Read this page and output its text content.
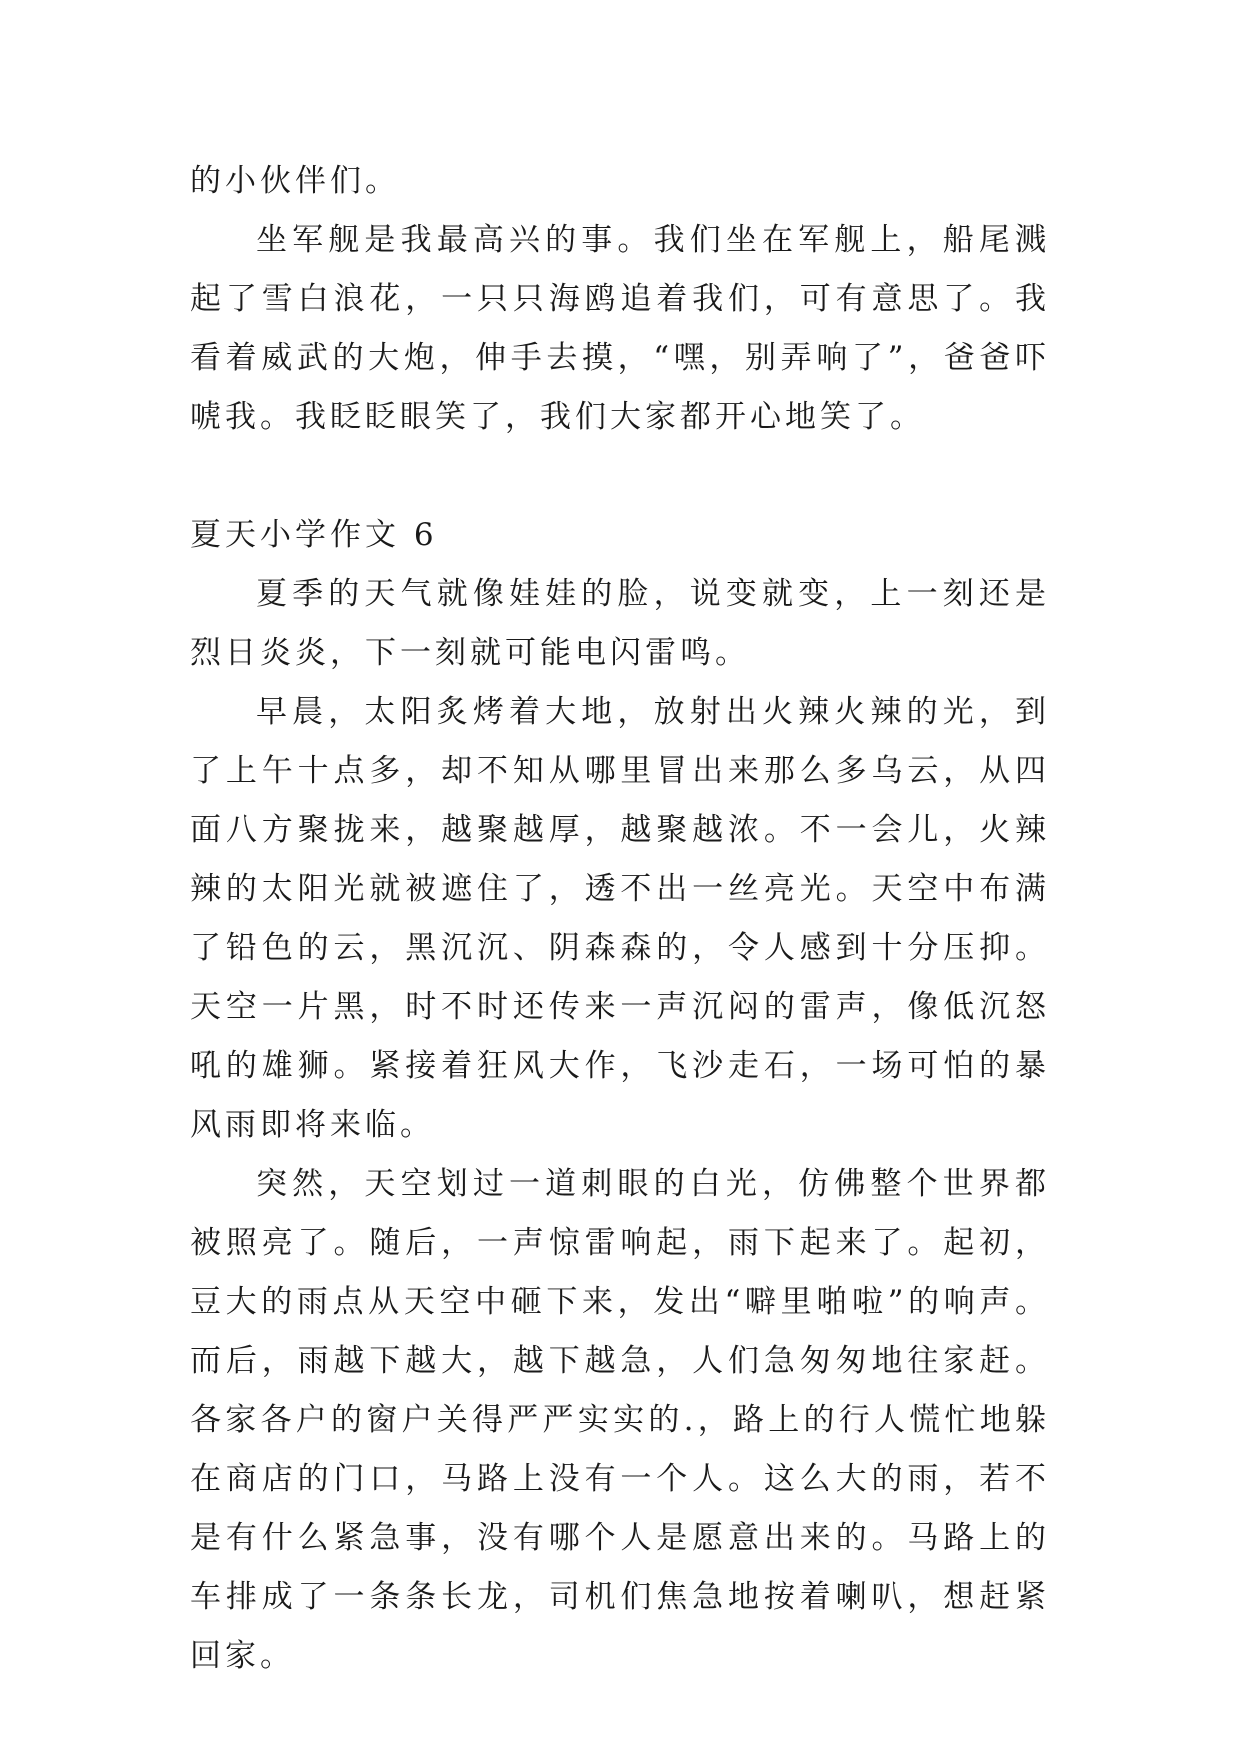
的小伙伴们。

坐军舰是我最高兴的事。我们坐在军舰上，船尾溅起了雪白浪花，一只只海鸥追着我们，可有意思了。我看着威武的大炮，伸手去摸，“嘿，别弄响了”，爸爸吓唬我。我眨眨眼笑了，我们大家都开心地笑了。

夏天小学作文 6

夏季的天气就像娃娃的脸，说变就变，上一刻还是烈日炎炎，下一刻就可能电闪雷鸣。

早晨，太阳炙烤着大地，放射出火辣火辣的光，到了上午十点多，却不知从哪里冒出来那么多乌云，从四面八方聚拢来，越聚越厚，越聚越浓。不一会儿，火辣辣的太阳光就被遮住了，透不出一丝亮光。天空中布满了铅色的云，黑沉沉、阴森森的，令人感到十分压抑。天空一片黑，时不时还传来一声沉闷的雷声，像低沉怒吼的雄狮。紧接着狂风大作，飞沙走石，一场可怕的暴风雨即将来临。

突然，天空划过一道刺眼的白光，仿佛整个世界都被照亮了。随后，一声惊雷响起，雨下起来了。起初，豆大的雨点从天空中砸下来，发出“噼里啪啦”的响声。而后，雨越下越大，越下越急，人们急匆匆地往家赶。各家各户的窗户关得严严实实的.，路上的行人慌忙地躲在商店的门口，马路上没有一个人。这么大的雨，若不是有什么紧急事，没有哪个人是愿意出来的。马路上的车排成了一条条长龙，司机们焦急地按着喇叭，想赶紧回家。
